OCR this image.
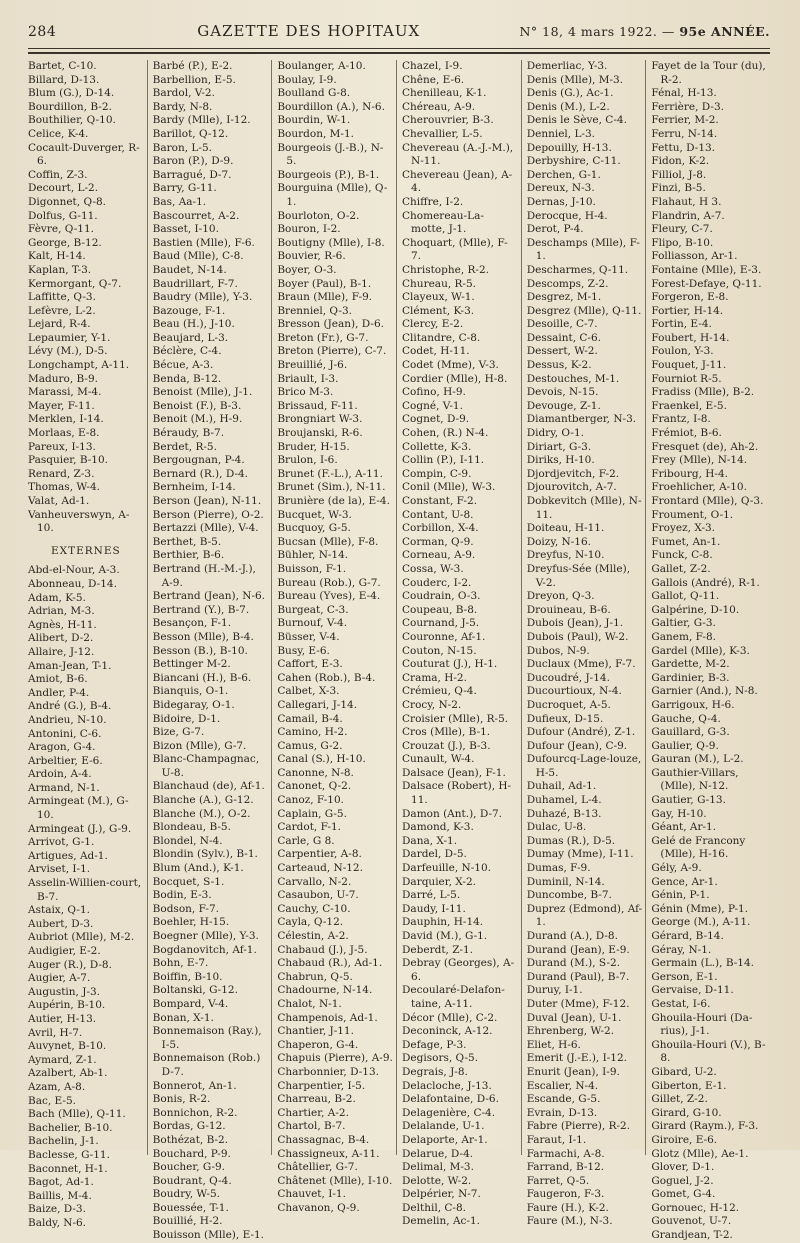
284	GAZETTE DES HOPITAUX	N° 18, 4 mars 1922. — 95e ANNÉE.
Bartet, C-10.
Billard, D-13.
Blum (G.), D-14.
Bourdillon, B-2.
Bouthilier, Q-10.
Celice, K-4.
Cocault-Duverger, R-6.
Coffin, Z-3.
Decourt, L-2.
Digonnet, Q-8.
Dolfus, G-11.
Fèvre, Q-11.
George, B-12.
Kalt, H-14.
Kaplan, T-3.
Kermorgant, Q-7.
Laffitte, Q-3.
Lefèvre, L-2.
Lejard, R-4.
Lepaumier, Y-1.
Lévy (M.), D-5.
Longchampt, A-11.
Maduro, B-9.
Marassi, M-4.
Mayer, F-11.
Merklen, I-14.
Morlaas, E-8.
Pareux, I-13.
Pasquier, B-10.
Renard, Z-3.
Thomas, W-4.
Valat, Ad-1.
Vanheuverswyn, A-10.
EXTERNES
Abd-el-Nour, A-3.
Abonneau, D-14.
Adam, K-5.
Adrian, M-3.
Agnès, H-11.
Alibert, D-2.
Allaire, J-12.
Aman-Jean, T-1.
Amiot, B-6.
Andler, P-4.
André (G.), B-4.
Andrieu, N-10.
Antonini, C-6.
Aragon, G-4.
Arbeltier, E-6.
Ardoin, A-4.
Armand, N-1.
Armingeat (M.), G-10.
Armingeat (J.), G-9.
Arrivot, G-1.
Artigues, Ad-1.
Arviset, I-1.
Asselin-Willien-court, B-7.
Astaix, Q-1.
Aubert, D-3.
Aubriot (Mlle), M-2.
Audigier, E-2.
Auger (R.), D-8.
Augier, A-7.
Augustin, J-3.
Aupérin, B-10.
Autier, H-13.
Avril, H-7.
Auvynet, B-10.
Aymard, Z-1.
Azalbert, Ab-1.
Azam, A-8.
Bac, E-5.
Bach (Mlle), Q-11.
Bachelier, B-10.
Bachelin, J-1.
Baclesse, G-11.
Baconnet, H-1.
Bagot, Ad-1.
Baillis, M-4.
Baize, D-3.
Baldy, N-6.
Barbé (P.), E-2.
Barbellion, E-5.
Bardol, V-2.
Bardy, N-8.
Bardy (Mlle), I-12.
Barillot, Q-12.
Baron, L-5.
Baron (P.), D-9.
Barragué, D-7.
Barry, G-11.
Bas, Aa-1.
Bascourret, A-2.
Basset, I-10.
Bastien (Mlle), F-6.
Baud (Mlle), C-8.
Baudet, N-14.
Baudrillart, F-7.
Baudry (Mlle), Y-3.
Bazouge, F-1.
Beau (H.), J-10.
Beaujard, L-3.
Béclère, C-4.
Bécue, A-3.
Benda, B-12.
Benoist (Mlle), J-1.
Benoist (F.), B-3.
Benoit (M.), H-9.
Béraudy, B-7.
Berdet, R-5.
Bergougnan, P-4.
Bernard (R.), D-4.
Bernheim, I-14.
Berson (Jean), N-11.
Berson (Pierre), O-2.
Bertazzi (Mlle), V-4.
Berthet, B-5.
Berthier, B-6.
Bertrand (H.-M.-J.), A-9.
Bertrand (Jean), N-6.
Bertrand (Y.), B-7.
Besançon, F-1.
Besson (Mlle), B-4.
Besson (B.), B-10.
Bettinger M-2.
Biancani (H.), B-6.
Bianquis, O-1.
Bidegaray, O-1.
Bidoire, D-1.
Bize, G-7.
Bizon (Mlle), G-7.
Blanc-Champagnac, U-8.
Blanchaud (de), Af-1.
Blanche (A.), G-12.
Blanche (M.), O-2.
Blondeau, B-5.
Blondel, N-4.
Blondin (Sylv.), B-1.
Blum (And.), K-1.
Bocquet, S-1.
Bodin, E-3.
Bodson, F-7.
Boehler, H-15.
Boegner (Mlle), Y-3.
Bogdanovitch, Af-1.
Bohn, E-7.
Boiffin, B-10.
Boltanski, G-12.
Bompard, V-4.
Bonan, X-1.
Bonnemaison (Ray.), I-5.
Bonnemaison (Rob.) D-7.
Bonnerot, An-1.
Bonis, R-2.
Bonnichon, R-2.
Bordas, G-12.
Bothézat, B-2.
Bouchard, P-9.
Boucher, G-9.
Boudrant, Q-4.
Boudry, W-5.
Bouessée, T-1.
Bouillié, H-2.
Bouisson (Mlle), E-1.
Boulanger, A-10.
Boulay, I-9.
Boulland G-8.
Bourdillon (A.), N-6.
Bourdin, W-1.
Bourdon, M-1.
Bourgeois (J.-B.), N-5.
Bourgeois (P.), B-1.
Bourguina (Mlle), Q-1.
Bourloton, O-2.
Bouron, I-2.
Boutigny (Mlle), I-8.
Bouvier, R-6.
Boyer, O-3.
Boyer (Paul), B-1.
Braun (Mlle), F-9.
Brenniel, Q-3.
Bresson (Jean), D-6.
Breton (Fr.), G-7.
Breton (Pierre), C-7.
Breuillié, J-6.
Briault, I-3.
Brico M-3.
Brissaud, F-11.
Brongniart W-3.
Broujanski, R-6.
Bruder, H-15.
Brulon, I-6.
Brunet (F.-L.), A-11.
Brunet (Sim.), N-11.
Brunière (de la), E-4.
Bucquet, W-3.
Bucquoy, G-5.
Bucsan (Mlle), F-8.
Bühler, N-14.
Buisson, F-1.
Bureau (Rob.), G-7.
Bureau (Yves), E-4.
Burgeat, C-3.
Burnouf, V-4.
Büsser, V-4.
Busy, E-6.
Caffort, E-3.
Cahen (Rob.), B-4.
Calbet, X-3.
Callegari, J-14.
Camail, B-4.
Camino, H-2.
Camus, G-2.
Canal (S.), H-10.
Canonne, N-8.
Canonet, Q-2.
Canoz, F-10.
Caplain, G-5.
Cardot, F-1.
Carle, G 8.
Carpentier, A-8.
Carteaud, N-12.
Carvallo, N-2.
Casaubon, U-7.
Cauchy, C-10.
Cayla, Q-12.
Célestin, A-2.
Chabaud (J.), J-5.
Chabaud (R.), Ad-1.
Chabrun, Q-5.
Chadourne, N-14.
Chalot, N-1.
Champenois, Ad-1.
Chantier, J-11.
Chaperon, G-4.
Chapuis (Pierre), A-9.
Charbonnier, D-13.
Charpentier, I-5.
Charreau, B-2.
Chartier, A-2.
Chartol, B-7.
Chassagnac, B-4.
Chassigneux, A-11.
Châtellier, G-7.
Châtenet (Mlle), I-10.
Chauvet, I-1.
Chavanon, Q-9.
Chazel, I-9.
Chêne, E-6.
Chenilleau, K-1.
Chéreau, A-9.
Cherouvrier, B-3.
Chevallier, L-5.
Chevereau (A.-J.-M.), N-11.
Chevereau (Jean), A-4.
Chiffre, I-2.
Chomereau-La-motte, J-1.
Choquart, (Mlle), F-7.
Christophe, R-2.
Chureau, R-5.
Clayeux, W-1.
Clément, K-3.
Clercy, E-2.
Clitandre, C-8.
Codet, H-11.
Codet (Mme), V-3.
Cordier (Mlle), H-8.
Cofino, H-9.
Cogné, V-1.
Cognet, D-9.
Cohen, (R.) N-4.
Collette, K-3.
Collin (P.), I-11.
Compin, C-9.
Conil (Mlle), W-3.
Constant, F-2.
Contant, U-8.
Corbillon, X-4.
Corman, Q-9.
Corneau, A-9.
Cossa, W-3.
Couderc, I-2.
Coudrain, O-3.
Coupeau, B-8.
Cournand, J-5.
Couronne, Af-1.
Couton, N-15.
Couturat (J.), H-1.
Crama, H-2.
Crémieu, Q-4.
Crocy, N-2.
Croisier (Mlle), R-5.
Cros (Mlle), B-1.
Crouzat (J.), B-3.
Cunault, W-4.
Dalsace (Jean), F-1.
Dalsace (Robert), H-11.
Damon (Ant.), D-7.
Damond, K-3.
Dana, X-1.
Dardel, D-5.
Darfeuille, N-10.
Darquier, X-2.
Darré, L-5.
Daudy, I-11.
Dauphin, H-14.
David (M.), G-1.
Deberdt, Z-1.
Debray (Georges), A-6.
Decoularé-Delafon-taine, A-11.
Décor (Mlle), C-2.
Deconinck, A-12.
Defage, P-3.
Degisors, Q-5.
Degrais, J-8.
Delacloche, J-13.
Delafontaine, D-6.
Delagenière, C-4.
Delalande, U-1.
Delaporte, Ar-1.
Delarue, D-4.
Delimal, M-3.
Delotte, W-2.
Delpérier, N-7.
Delthil, C-8.
Demelin, Ac-1.
Demerliac, Y-3.
Denis (Mlle), M-3.
Denis (G.), Ac-1.
Denis (M.), L-2.
Denis le Sève, C-4.
Denniel, L-3.
Depouilly, H-13.
Derbyshire, C-11.
Derchen, G-1.
Dereux, N-3.
Dernas, J-10.
Derocque, H-4.
Derot, P-4.
Deschamps (Mlle), F-1.
Descharmes, Q-11.
Descomps, Z-2.
Desgrez, M-1.
Desgrez (Mlle), Q-11.
Desoille, C-7.
Dessaint, C-6.
Dessert, W-2.
Dessus, K-2.
Destouches, M-1.
Devois, N-15.
Devouge, Z-1.
Diamantberger, N-3.
Didry, O-1.
Diriart, G-3.
Diriks, H-10.
Djordjevitch, F-2.
Djourovitch, A-7.
Dobkevitch (Mlle), N-11.
Doiteau, H-11.
Doizy, N-16.
Dreyfus, N-10.
Dreyfus-Sée (Mlle), V-2.
Dreyon, Q-3.
Drouineau, B-6.
Dubois (Jean), J-1.
Dubois (Paul), W-2.
Dubos, N-9.
Duclaux (Mme), F-7.
Ducoudré, J-14.
Ducourtioux, N-4.
Ducroquet, A-5.
Dufieux, D-15.
Dufour (André), Z-1.
Dufour (Jean), C-9.
Dufourcq-Lage-louze, H-5.
Duhail, Ad-1.
Duhamel, L-4.
Duhazé, B-13.
Dulac, U-8.
Dumas (R.), D-5.
Dumay (Mme), I-11.
Dumas, F-9.
Duminil, N-14.
Duncombe, B-7.
Duprez (Edmond), Af-1.
Durand (A.), D-8.
Durand (Jean), E-9.
Durand (M.), S-2.
Durand (Paul), B-7.
Duruy, I-1.
Duter (Mme), F-12.
Duval (Jean), U-1.
Ehrenberg, W-2.
Eliet, H-6.
Emerit (J.-E.), I-12.
Enurit (Jean), I-9.
Escalier, N-4.
Escande, G-5.
Evrain, D-13.
Fabre (Pierre), R-2.
Faraut, I-1.
Farmachi, A-8.
Farrand, B-12.
Farret, Q-5.
Faugeron, F-3.
Faure (H.), K-2.
Faure (M.), N-3.
Fayet de la Tour (du), R-2.
Fénal, H-13.
Ferrière, D-3.
Ferrier, M-2.
Ferru, N-14.
Fettu, D-13.
Fidon, K-2.
Filliol, J-8.
Finzi, B-5.
Flahaut, H 3.
Flandrin, A-7.
Fleury, C-7.
Flipo, B-10.
Folliasson, Ar-1.
Fontaine (Mlle), E-3.
Forest-Defaye, Q-11.
Forgeron, E-8.
Fortier, H-14.
Fortin, E-4.
Foubert, H-14.
Foulon, Y-3.
Fouquet, J-11.
Fourniot R-5.
Fradiss (Mlle), B-2.
Fraenkel, E-5.
Frantz, I-8.
Frémiot, B-6.
Fresquet (de), Ah-2.
Frey (Mlle), N-14.
Fribourg, H-4.
Froehlicher, A-10.
Frontard (Mlle), Q-3.
Froument, O-1.
Froyez, X-3.
Fumet, An-1.
Funck, C-8.
Gallet, Z-2.
Gallois (André), R-1.
Gallot, Q-11.
Galpérine, D-10.
Galtier, G-3.
Ganem, F-8.
Gardel (Mlle), K-3.
Gardette, M-2.
Gardinier, B-3.
Garnier (And.), N-8.
Garrigoux, H-6.
Gauche, Q-4.
Gauillard, G-3.
Gaulier, Q-9.
Gauran (M.), L-2.
Gauthier-Villars, (Mlle), N-12.
Gautier, G-13.
Gay, H-10.
Géant, Ar-1.
Gelé de Francony (Mlle), H-16.
Gély, A-9.
Gence, Ar-1.
Génin, P-1.
Génin (Mme), P-1.
George (M.), A-11.
Gérard, B-14.
Géray, N-1.
Germain (L.), B-14.
Gerson, E-1.
Gervaise, D-11.
Gestat, I-6.
Ghouila-Houri (Da-rius), J-1.
Ghouila-Houri (V.), B-8.
Gibard, U-2.
Giberton, E-1.
Gillet, Z-2.
Girard, G-10.
Girard (Raym.), F-3.
Giroire, E-6.
Glotz (Mlle), Ae-1.
Glover, D-1.
Goguel, J-2.
Gomet, G-4.
Gornouec, H-12.
Gouvenot, U-7.
Grandjean, T-2.
